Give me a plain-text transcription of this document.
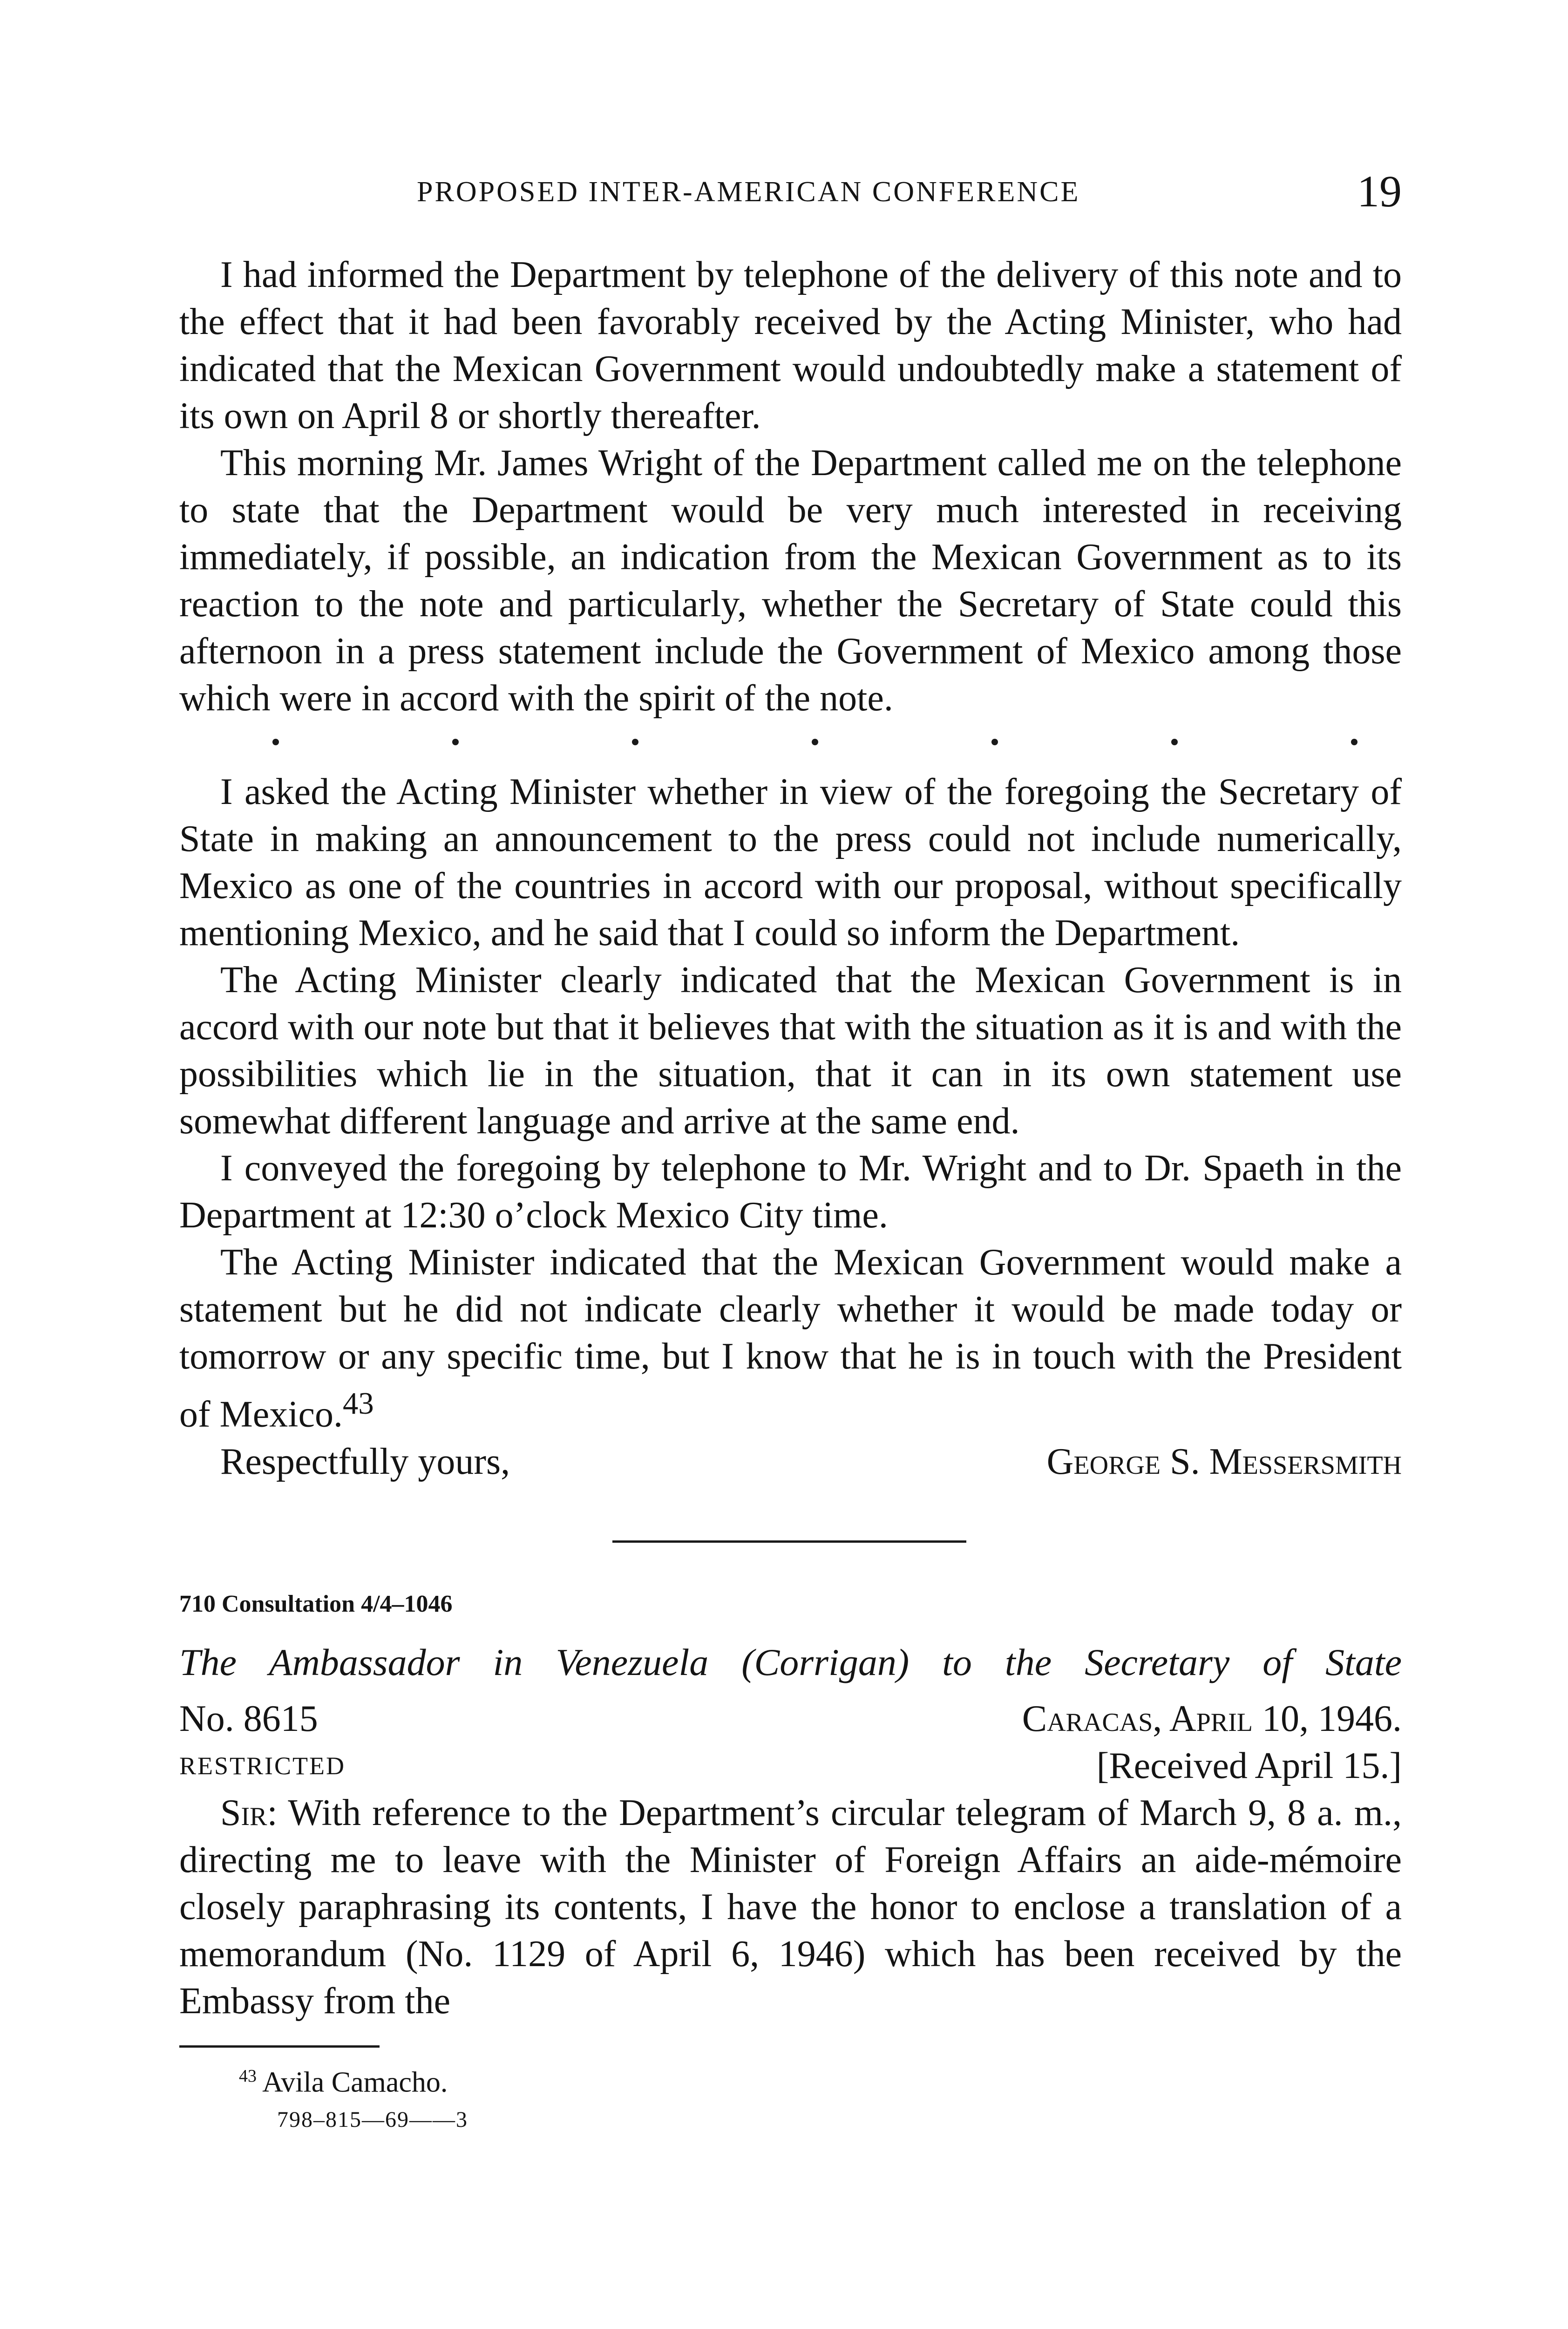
PROPOSED INTER-AMERICAN CONFERENCE	19

I had informed the Department by telephone of the delivery of this note and to the effect that it had been favorably received by the Acting Minister, who had indicated that the Mexican Government would undoubtedly make a statement of its own on April 8 or shortly thereafter.

This morning Mr. James Wright of the Department called me on the telephone to state that the Department would be very much interested in receiving immediately, if possible, an indication from the Mexican Government as to its reaction to the note and particularly, whether the Secretary of State could this afternoon in a press statement include the Government of Mexico among those which were in accord with the spirit of the note.

I asked the Acting Minister whether in view of the foregoing the Secretary of State in making an announcement to the press could not include numerically, Mexico as one of the countries in accord with our proposal, without specifically mentioning Mexico, and he said that I could so inform the Department.

The Acting Minister clearly indicated that the Mexican Government is in accord with our note but that it believes that with the situation as it is and with the possibilities which lie in the situation, that it can in its own statement use somewhat different language and arrive at the same end.

I conveyed the foregoing by telephone to Mr. Wright and to Dr. Spaeth in the Department at 12:30 o’clock Mexico City time.

The Acting Minister indicated that the Mexican Government would make a statement but he did not indicate clearly whether it would be made today or tomorrow or any specific time, but I know that he is in touch with the President of Mexico.$^{43}$

Respectfully yours,	George S. Messersmith
710 Consultation 4/4–1046
The Ambassador in Venezuela (Corrigan) to the Secretary of State
No. 8615	Caracas, April 10, 1946.
RESTRICTED	[Received April 15.]

Sir: With reference to the Department’s circular telegram of March 9, 8 a. m., directing me to leave with the Minister of Foreign Affairs an aide-mémoire closely paraphrasing its contents, I have the honor to enclose a translation of a memorandum (No. 1129 of April 6, 1946) which has been received by the Embassy from the

$^{43}$ Avila Camacho.
798–815—69——3
